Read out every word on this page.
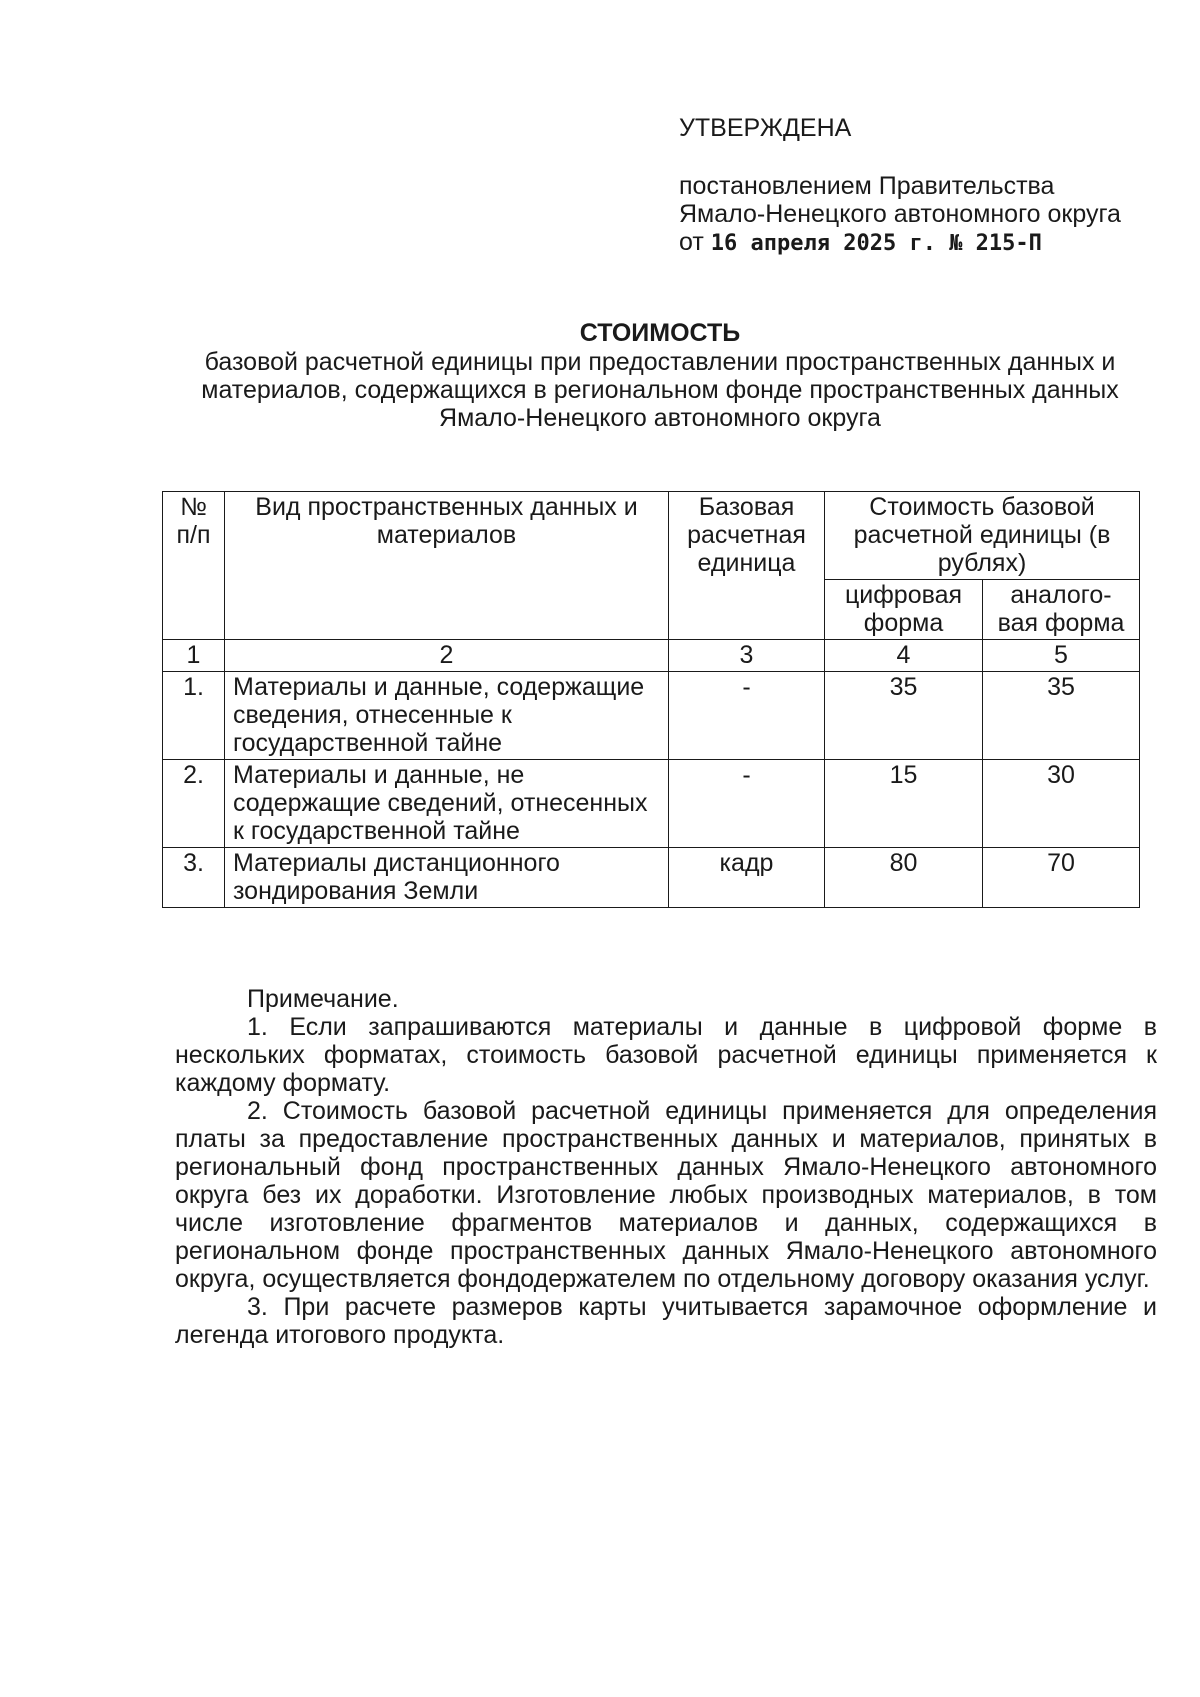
УТВЕРЖДЕНА
постановлением Правительства
Ямало-Ненецкого автономного округа
от 16 апреля 2025 г. № 215-П
СТОИМОСТЬ
базовой расчетной единицы при предоставлении пространственных данных и
материалов, содержащихся в региональном фонде пространственных данных
Ямало-Ненецкого автономного округа
№ п/п	Вид пространственных данных и материалов	Базовая расчетная единица	Стоимость базовой расчетной единицы (в рублях)	
			цифровая форма	аналого-вая форма
1	2	3	4	5
1.	Материалы и данные, содержащие сведения, отнесенные к государственной тайне	-	35	35
2.	Материалы и данные, не содержащие сведений, отнесенных к государственной тайне	-	15	30
3.	Материалы дистанционного зондирования Земли	кадр	80	70
Примечание.

1. Если запрашиваются материалы и данные в цифровой форме в нескольких форматах, стоимость базовой расчетной единицы применяется к каждому формату.

2. Стоимость базовой расчетной единицы применяется для определения платы за предоставление пространственных данных и материалов, принятых в региональный фонд пространственных данных Ямало-Ненецкого автономного округа без их доработки. Изготовление любых производных материалов, в том числе изготовление фрагментов материалов и данных, содержащихся в региональном фонде пространственных данных Ямало-Ненецкого автономного округа, осуществляется фондодержателем по отдельному договору оказания услуг.

3. При расчете размеров карты учитывается зарамочное оформление и легенда итогового продукта.
